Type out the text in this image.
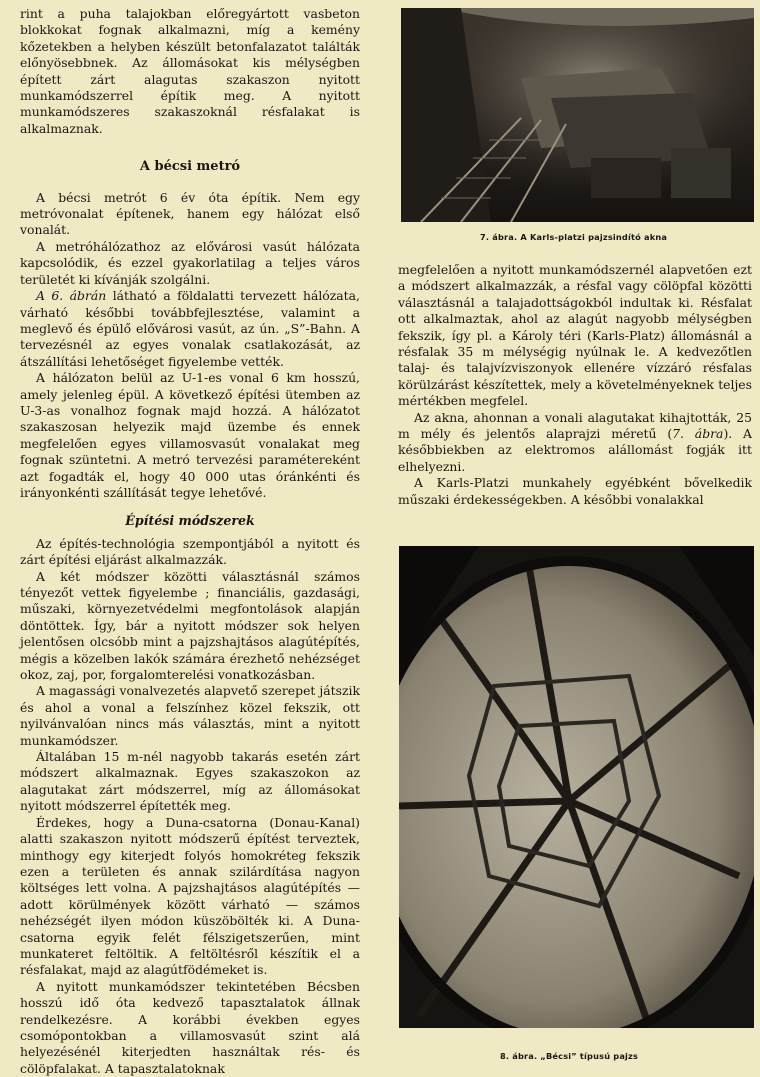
rint a puha talajokban előregyártott vasbeton blokkokat fognak alkalmazni, míg a kemény kőzetekben a helyben készült betonfalazatot találták előnyösebbnek. Az állomásokat kis mélységben épített zárt alagutas szakaszon nyitott munkamódszerrel építik meg. A nyitott munkamódszeres szakaszoknál résfalakat is alkalmaznak.

A bécsi metró

A bécsi metrót 6 év óta építik. Nem egy metróvonalat építenek, hanem egy hálózat első vonalát.

A metróhálózathoz az elővárosi vasút hálózata kapcsolódik, és ezzel gyakorlatilag a teljes város területét ki kívánják szolgálni.

A 6. ábrán látható a földalatti tervezett hálózata, várható későbbi továbbfejlesztése, valamint a meglevő és épülő elővárosi vasút, az ún. „S”-Bahn. A tervezésnél az egyes vonalak csatlakozását, az átszállítási lehetőséget figyelembe vették.

A hálózaton belül az U-1-es vonal 6 km hosszú, amely jelenleg épül. A következő építési ütemben az U-3-as vonalhoz fognak majd hozzá. A hálózatot szakaszosan helyezik majd üzembe és ennek megfelelően egyes villamosvasút vonalakat meg fognak szüntetni. A metró tervezési paramétereként azt fogadták el, hogy 40 000 utas óránkénti és irányonkénti szállítását tegye lehetővé.

Építési módszerek

Az építés-technológia szempontjából a nyitott és zárt építési eljárást alkalmazzák.

A két módszer közötti választásnál számos tényezőt vettek figyelembe ; financiális, gazdasági, műszaki, környezetvédelmi megfontolások alapján döntöttek. Így, bár a nyitott módszer sok helyen jelentősen olcsóbb mint a pajzshajtásos alagútépítés, mégis a közelben lakók számára érezhető nehézséget okoz, zaj, por, forgalomterelési vonatkozásban.

A magassági vonalvezetés alapvető szerepet játszik és ahol a vonal a felszínhez közel fekszik, ott nyilvánvalóan nincs más választás, mint a nyitott munkamódszer.

Általában 15 m-nél nagyobb takarás esetén zárt módszert alkalmaznak. Egyes szakaszokon az alagutakat zárt módszerrel, míg az állomásokat nyitott módszerrel építették meg.

Érdekes, hogy a Duna-csatorna (Donau-Kanal) alatti szakaszon nyitott módszerű építést terveztek, minthogy egy kiterjedt folyós homokréteg fekszik ezen a területen és annak szilárdítása nagyon költséges lett volna. A pajzshajtásos alagútépítés — adott körülmények között várható — számos nehézségét ilyen módon küszöbölték ki. A Duna-csatorna egyik felét félszigetszerűen, mint munkateret feltöltik. A feltöltésről készítik el a résfalakat, majd az alagútfödémeket is.

A nyitott munkamódszer tekintetében Bécsben hosszú idő óta kedvező tapasztalatok állnak rendelkezésre. A korábbi években egyes csomópontokban a villamosvasút szint alá helyezésénél kiterjedten használtak rés- és cölöpfalakat. A tapasztalatoknak

7. ábra. A Karls-platzi pajzsindító akna

megfelelően a nyitott munkamódszernél alapvetően ezt a módszert alkalmazzák, a résfal vagy cölöpfal közötti választásnál a talajadottságokból indultak ki. Résfalat ott alkalmaztak, ahol az alagút nagyobb mélységben fekszik, így pl. a Károly téri (Karls-Platz) állomásnál a résfalak 35 m mélységig nyúlnak le. A kedvezőtlen talaj- és talajvízviszonyok ellenére vízzáró résfalas körülzárást készítettek, mely a követelményeknek teljes mértékben megfelel.

Az akna, ahonnan a vonali alagutakat kihajtották, 25 m mély és jelentős alaprajzi méretű (7. ábra). A későbbiekben az elektromos alállomást fogják itt elhelyezni.

A Karls-Platzi munkahely egyébként bővelkedik műszaki érdekességekben. A későbbi vonalakkal

8. ábra. „Bécsi” típusú pajzs
